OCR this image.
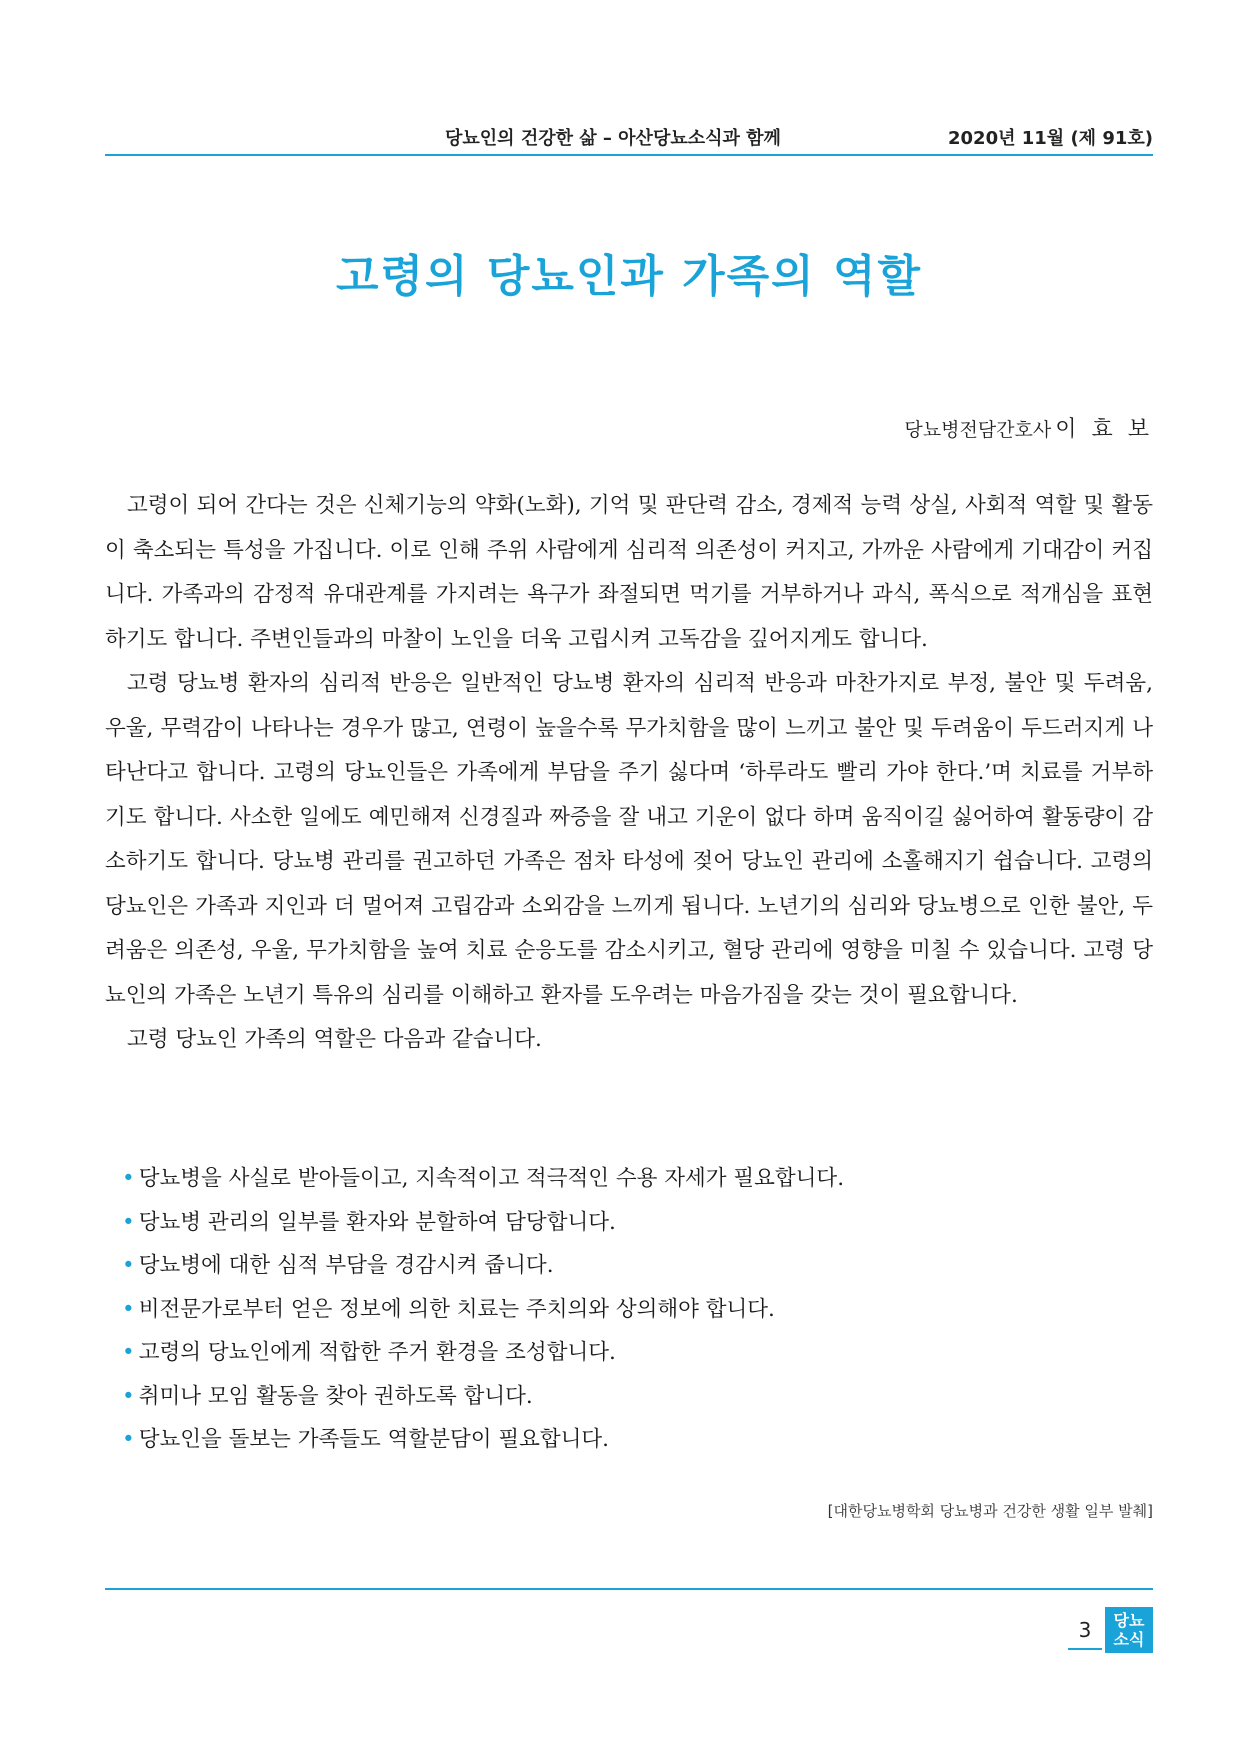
당뇨인의 건강한 삶 – 아산당뇨소식과 함께	2020년 11월 (제 91호)
고령의 당뇨인과 가족의 역할
당뇨병전담간호사 이 효 보

고령이 되어 간다는 것은 신체기능의 약화(노화), 기억 및 판단력 감소, 경제적 능력 상실, 사회적 역할 및 활동이 축소되는 특성을 가집니다. 이로 인해 주위 사람에게 심리적 의존성이 커지고, 가까운 사람에게 기대감이 커집니다. 가족과의 감정적 유대관계를 가지려는 욕구가 좌절되면 먹기를 거부하거나 과식, 폭식으로 적개심을 표현하기도 합니다. 주변인들과의 마찰이 노인을 더욱 고립시켜 고독감을 깊어지게도 합니다.

고령 당뇨병 환자의 심리적 반응은 일반적인 당뇨병 환자의 심리적 반응과 마찬가지로 부정, 불안 및 두려움, 우울, 무력감이 나타나는 경우가 많고, 연령이 높을수록 무가치함을 많이 느끼고 불안 및 두려움이 두드러지게 나타난다고 합니다. 고령의 당뇨인들은 가족에게 부담을 주기 싫다며 ‘하루라도 빨리 가야 한다.’며 치료를 거부하기도 합니다. 사소한 일에도 예민해져 신경질과 짜증을 잘 내고 기운이 없다 하며 움직이길 싫어하여 활동량이 감소하기도 합니다. 당뇨병 관리를 권고하던 가족은 점차 타성에 젖어 당뇨인 관리에 소홀해지기 쉽습니다. 고령의 당뇨인은 가족과 지인과 더 멀어져 고립감과 소외감을 느끼게 됩니다. 노년기의 심리와 당뇨병으로 인한 불안, 두려움은 의존성, 우울, 무가치함을 높여 치료 순응도를 감소시키고, 혈당 관리에 영향을 미칠 수 있습니다. 고령 당뇨인의 가족은 노년기 특유의 심리를 이해하고 환자를 도우려는 마음가짐을 갖는 것이 필요합니다.

고령 당뇨인 가족의 역할은 다음과 같습니다.

• 당뇨병을 사실로 받아들이고, 지속적이고 적극적인 수용 자세가 필요합니다.
• 당뇨병 관리의 일부를 환자와 분할하여 담당합니다.
• 당뇨병에 대한 심적 부담을 경감시켜 줍니다.
• 비전문가로부터 얻은 정보에 의한 치료는 주치의와 상의해야 합니다.
• 고령의 당뇨인에게 적합한 주거 환경을 조성합니다.
• 취미나 모임 활동을 찾아 권하도록 합니다.
• 당뇨인을 돌보는 가족들도 역할분담이 필요합니다.
[대한당뇨병학회 당뇨병과 건강한 생활 일부 발췌]
3	당뇨
소식
